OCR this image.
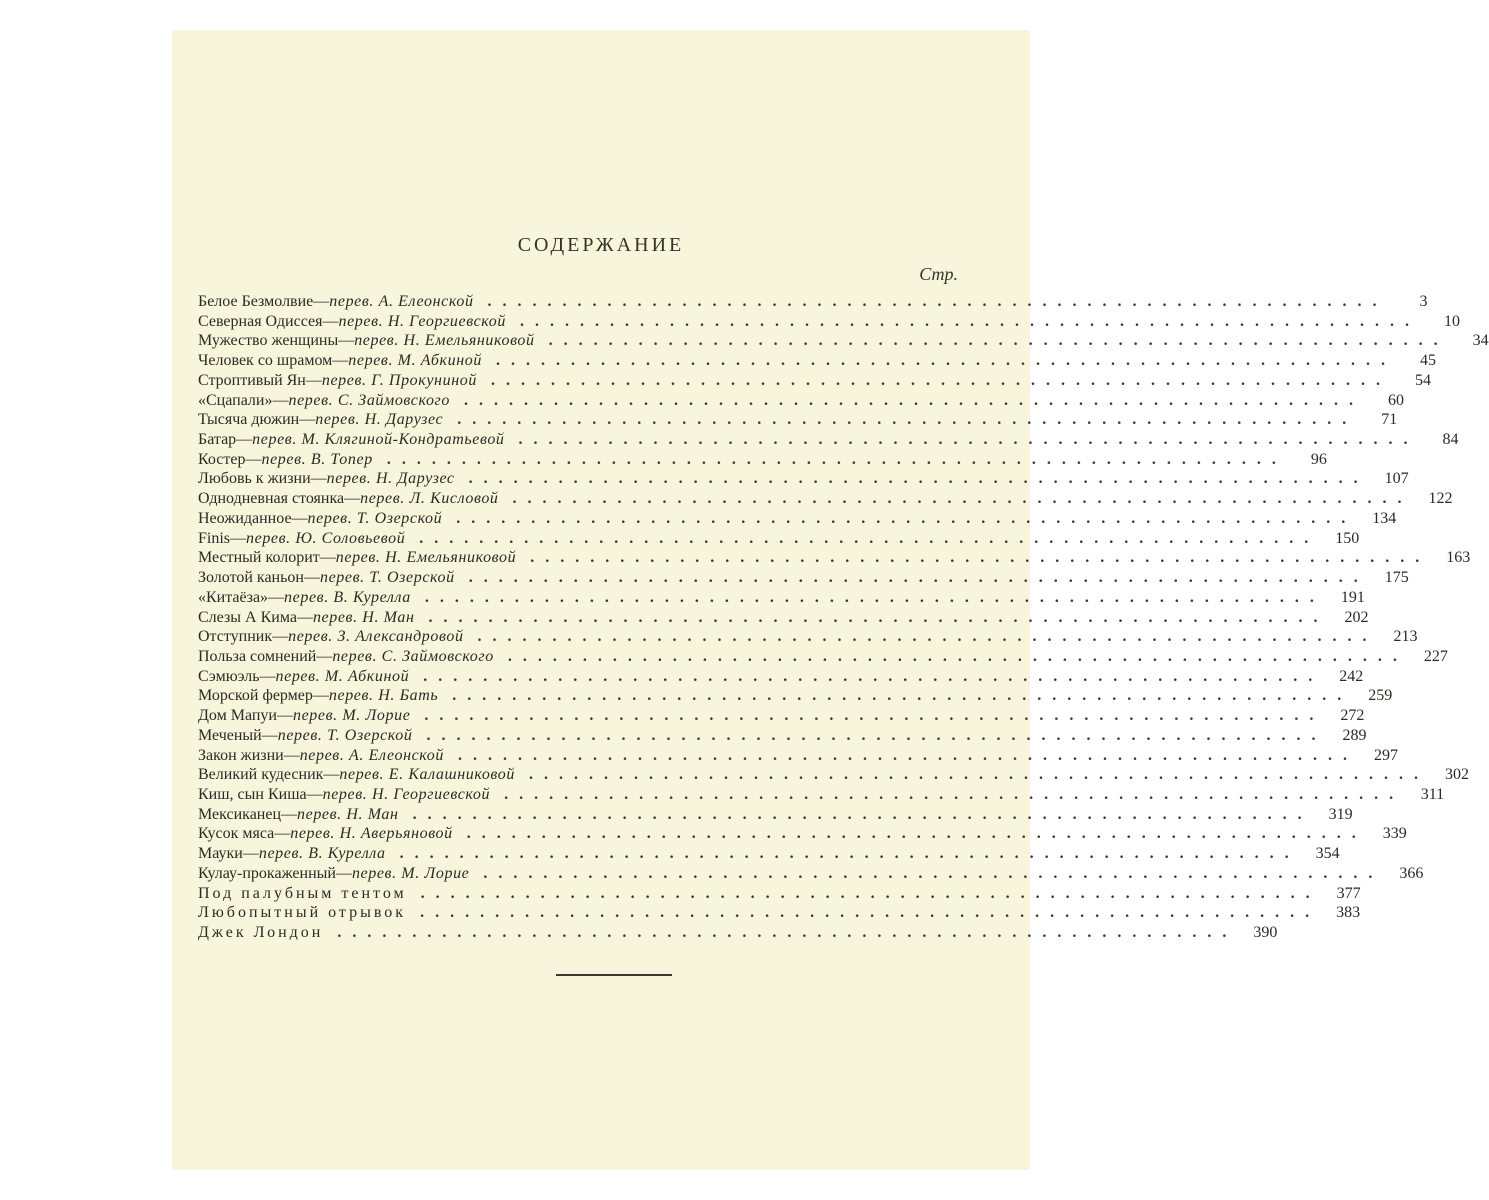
СОДЕРЖАНИЕ
Стр.
Белое Безмолвие — перев. А. Елеонской ............................................................	3
Северная Одиссея — перев. Н. Георгиевской ............................................................	10
Мужество женщины — перев. Н. Емельяниковой ............................................................	34
Человек со шрамом — перев. М. Абкиной ............................................................	45
Строптивый Ян — перев. Г. Прокуниной ............................................................	54
«Сцапали» — перев. С. Займовского ............................................................	60
Тысяча дюжин — перев. Н. Дарузес ............................................................	71
Батар — перев. М. Клягиной-Кондратьевой ............................................................	84
Костер — перев. В. Топер ............................................................	96
Любовь к жизни — перев. Н. Дарузес ............................................................	107
Однодневная стоянка — перев. Л. Кисловой ............................................................	122
Неожиданное — перев. Т. Озерской ............................................................	134
Finis — перев. Ю. Соловьевой ............................................................	150
Местный колорит — перев. Н. Емельяниковой ............................................................	163
Золотой каньон — перев. Т. Озерской ............................................................	175
«Китаёза» — перев. В. Курелла ............................................................	191
Слезы А Кима — перев. Н. Ман ............................................................	202
Отступник — перев. З. Александровой ............................................................	213
Польза сомнений — перев. С. Займовского ............................................................	227
Сэмюэль — перев. М. Абкиной ............................................................	242
Морской фермер — перев. Н. Бать ............................................................	259
Дом Мапуи — перев. М. Лорие ............................................................	272
Меченый — перев. Т. Озерской ............................................................	289
Закон жизни — перев. А. Елеонской ............................................................	297
Великий кудесник — перев. Е. Калашниковой ............................................................	302
Киш, сын Киша — перев. Н. Георгиевской ............................................................	311
Мексиканец — перев. Н. Ман ............................................................	319
Кусок мяса — перев. Н. Аверьяновой ............................................................	339
Мауки — перев. В. Курелла ............................................................	354
Кулау-прокаженный — перев. М. Лорие ............................................................	366
Под палубным тентом ............................................................	377
Любопытный отрывок ............................................................	383
Джек Лондон ............................................................	390
